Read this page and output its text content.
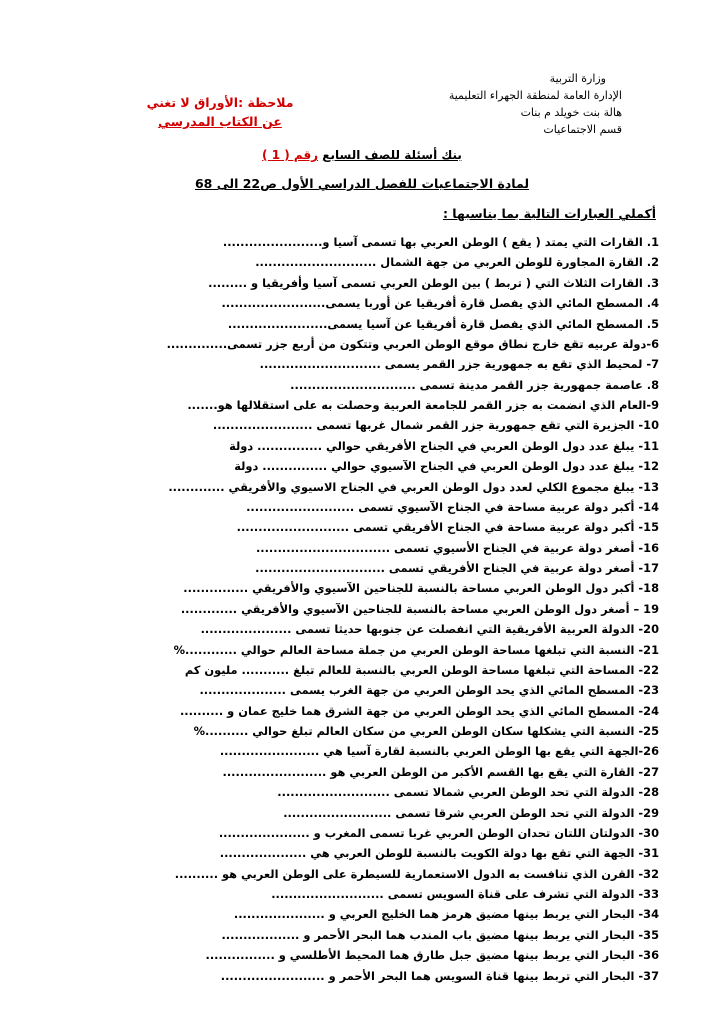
وزارة التربية
الإدارة العامة لمنطقة الجهراء التعليمية
هالة بنت خويلد م بنات
قسم الاجتماعيات
ملاحظة :الأوراق لا تغني
عن الكتاب المدرسي
بنك أسئلة للصف السابع رقم ( 1 )
لمادة الاجتماعيات للفصل الدراسي الأول ص22 الى 68
أكملي العبارات التالية بما يناسبها :
1. القارات التي يمتد ( يقع ) الوطن العربي بها تسمى آسيا و.......................
2. القارة المجاورة للوطن العربي من جهة الشمال ............................
3. القارات الثلاث التي ( تربط ) بين الوطن العربي تسمى آسيا وأفريقيا و .........
4. المسطح المائي الذي يفصل قارة أفريقيا عن أوربا يسمى........................
5. المسطح المائي الذي يفصل قارة أفريقيا عن آسيا يسمى.......................
6-دولة عربيه تقع خارج نطاق موقع الوطن العربي وتتكون من أربع جزر تسمى..............
7- لمحيط الذي تقع به جمهورية جزر القمر يسمى ............................
8. عاصمة جمهورية جزر القمر مدينة تسمى .............................
9-العام الذي انضمت به جزر القمر للجامعة العربية وحصلت به على استقلالها هو.......
10- الجزيرة التي تقع جمهورية جزر القمر شمال غربها تسمى .......................
11- يبلغ عدد دول الوطن العربي في الجناح الأفريقي حوالي ............... دولة
12- يبلغ عدد دول الوطن العربي في الجناح الآسيوي حوالي ............... دولة
13- يبلغ مجموع الكلي لعدد دول الوطن العربي في الجناح الاسيوي والأفريقي .............
14- أكبر دولة عربية مساحة في الجناح الآسيوي تسمى .........................
15- أكبر دولة عربية مساحة في الجناح الأفريقي تسمى ..........................
16- أصغر دولة عربية في الجناح الأسيوي تسمى ...............................
17- أصغر دولة عربية في الجناح الأفريقي تسمى ..............................
18- أكبر دول الوطن العربي مساحة بالنسبة للجناحين الآسيوي والأفريقي ...............
19 – أصغر دول الوطن العربي مساحة بالنسبة للجناحين الآسيوي والأفريقي .............
20- الدولة العربية الأفريقية التي انفصلت عن جنوبها حديثا تسمى .....................
21- النسبة التي تبلغها مساحة الوطن العربي من جملة مساحة العالم حوالي ............%
22- المساحة التي تبلغها مساحة الوطن العربي بالنسبة للعالم تبلغ ........... مليون كم
23- المسطح المائي الذي يحد الوطن العربي من جهة الغرب يسمى ....................
24- المسطح المائي الذي يحد الوطن العربي من جهة الشرق هما خليج عمان و ..........
25- النسبة التي يشكلها سكان الوطن العربي من سكان العالم تبلغ حوالي ..........%
26-الجهة التي يقع بها الوطن العربي بالنسبة لقارة آسيا هي .......................
27- القارة التي يقع بها القسم الأكبر من الوطن العربي هو ........................
28- الدولة التي تحد الوطن العربي شمالا تسمى ..........................
29- الدولة التي تحد الوطن العربي شرقا تسمى .........................
30- الدولتان اللتان تحدان الوطن العربي غربا تسمى المغرب و .....................
31- الجهة التي تقع بها دولة الكويت بالنسبة للوطن العربي هي ....................
32- القرن الذي تنافست به الدول الاستعمارية للسيطرة على الوطن العربي هو ..........
33- الدولة التي تشرف على قناة السويس تسمى ..........................
34- البحار التي يربط بينها مضيق هرمز هما الخليج العربي و .....................
35- البحار التي يربط بينها مضيق باب المندب هما البحر الأحمر و ..................
36- البحار التي يربط بينها مضيق جبل طارق هما المحيط الأطلسي و ................
37- البحار التي تربط بينها قناة السويس هما البحر الأحمر و ........................
